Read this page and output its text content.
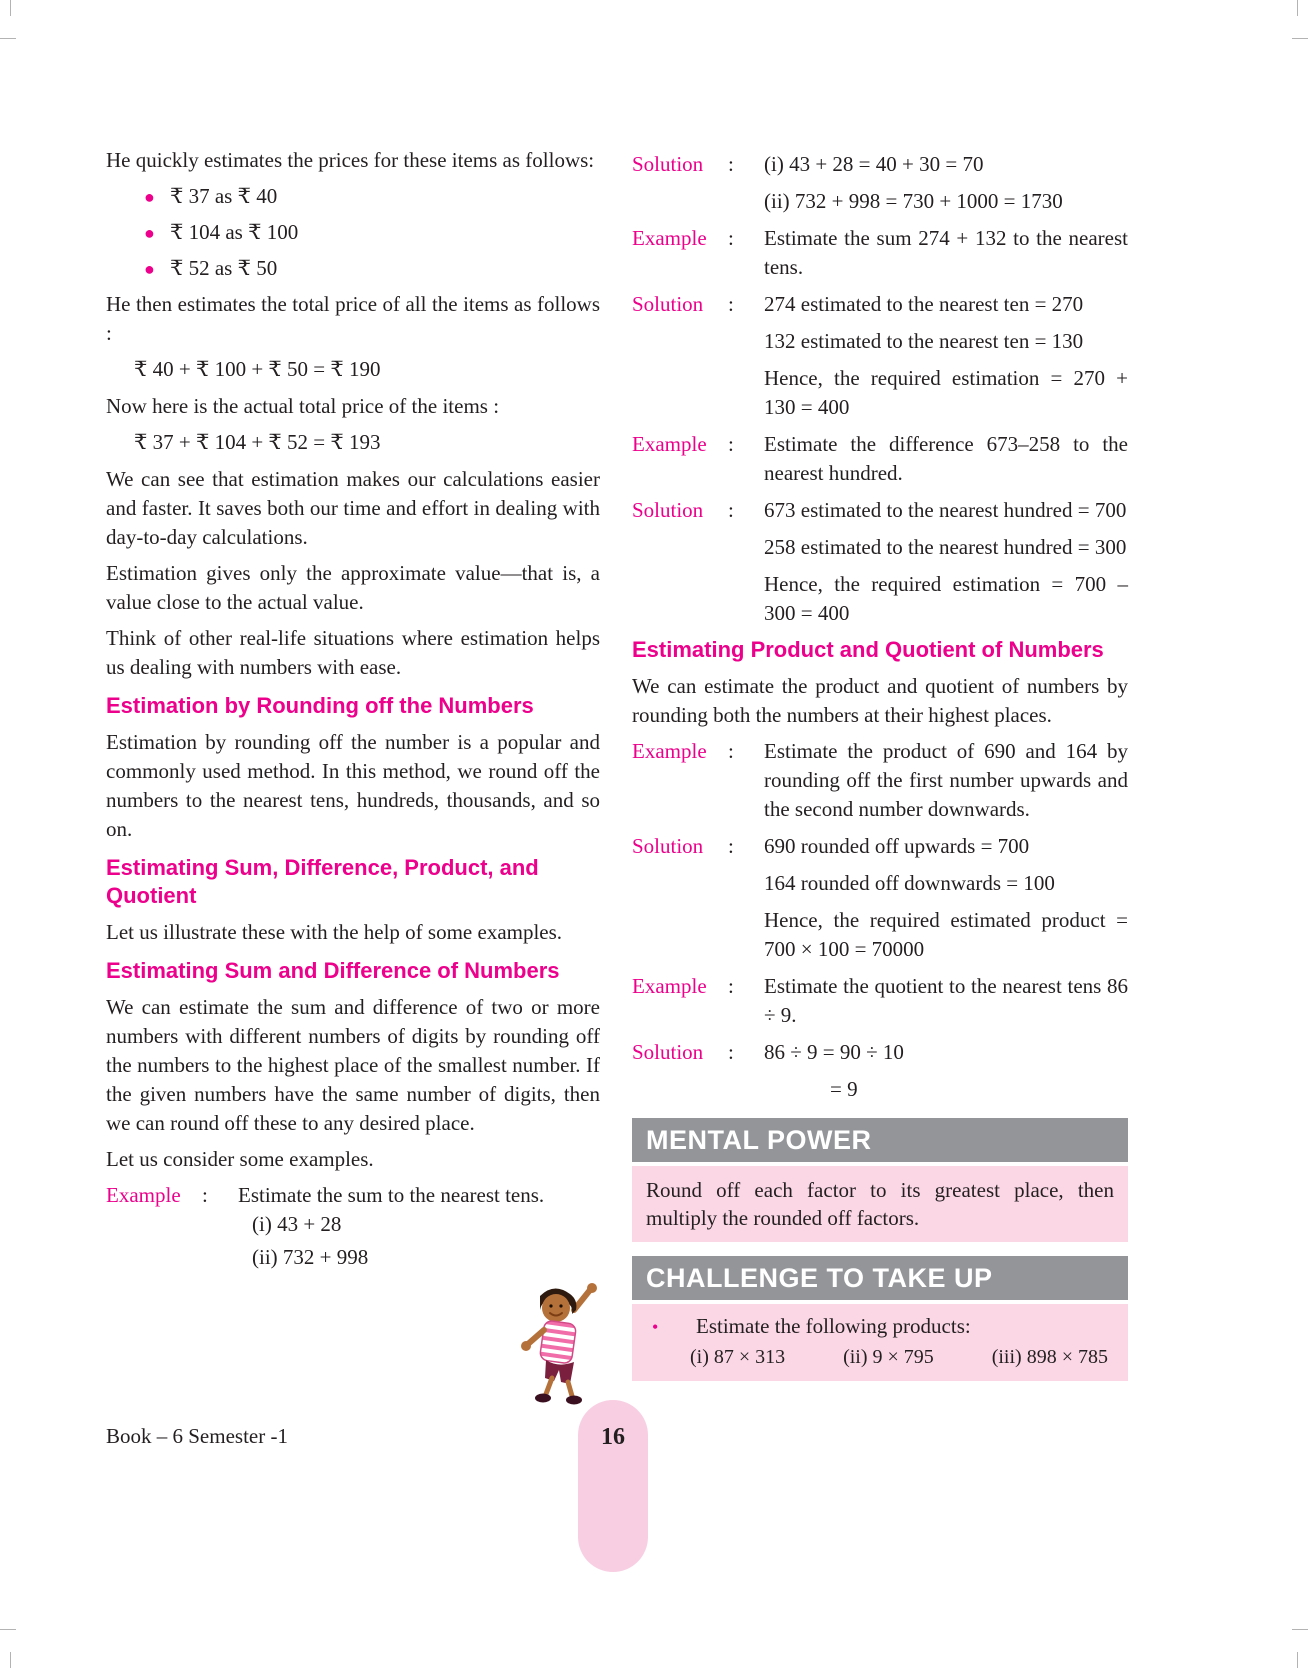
He quickly estimates the prices for these items as follows:

● ₹ 37 as ₹ 40
● ₹ 104 as ₹ 100
● ₹ 52 as ₹ 50

He then estimates the total price of all the items as follows :

₹ 40 + ₹ 100 + ₹ 50 = ₹ 190

Now here is the actual total price of the items :

₹ 37 + ₹ 104 + ₹ 52 = ₹ 193

We can see that estimation makes our calculations easier and faster. It saves both our time and effort in dealing with day-to-day calculations.

Estimation gives only the approximate value—that is, a value close to the actual value.

Think of other real-life situations where estimation helps us dealing with numbers with ease.

Estimation by Rounding off the Numbers

Estimation by rounding off the number is a popular and commonly used method. In this method, we round off the numbers to the nearest tens, hundreds, thousands, and so on.

Estimating Sum, Difference, Product, and Quotient

Let us illustrate these with the help of some examples.

Estimating Sum and Difference of Numbers

We can estimate the sum and difference of two or more numbers with different numbers of digits by rounding off the numbers to the highest place of the smallest number. If the given numbers have the same number of digits, then we can round off these to any desired place.

Let us consider some examples.

Example	:	Estimate the sum to the nearest tens.
(i) 43 + 28
(ii) 732 + 998
Solution	:	(i) 43 + 28 = 40 + 30 = 70
(ii) 732 + 998 = 730 + 1000 = 1730
Example	:	Estimate the sum 274 + 132 to the nearest tens.
Solution	:	274 estimated to the nearest ten = 270
132 estimated to the nearest ten = 130
Hence, the required estimation = 270 + 130 = 400
Example	:	Estimate the difference 673–258 to the nearest hundred.
Solution	:	673 estimated to the nearest hundred = 700
258 estimated to the nearest hundred = 300
Hence, the required estimation = 700 – 300 = 400
Estimating Product and Quotient of Numbers

We can estimate the product and quotient of numbers by rounding both the numbers at their highest places.

Example	:	Estimate the product of 690 and 164 by rounding off the first number upwards and the second number downwards.
Solution	:	690 rounded off upwards = 700
164 rounded off downwards = 100
Hence, the required estimated product = 700 × 100 = 70000
Example	:	Estimate the quotient to the nearest tens 86 ÷ 9.
Solution	:	86 ÷ 9 = 90 ÷ 10
= 9
MENTAL POWER
Round off each factor to its greatest place, then multiply the rounded off factors.
CHALLENGE TO TAKE UP
•	Estimate the following products:
(i) 87 × 313	(ii) 9 × 795	(iii) 898 × 785
Book – 6 Semester -1	16
